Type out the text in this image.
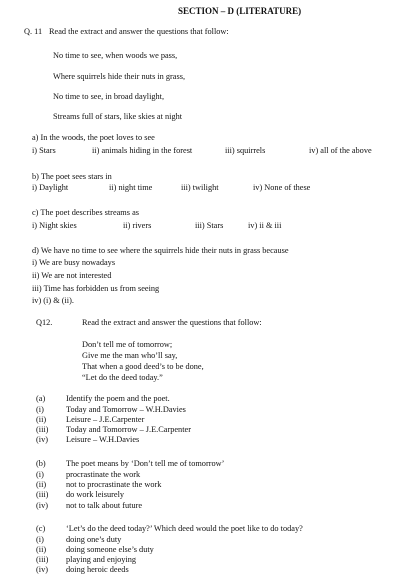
SECTION – D (LITERATURE)
Q. 11 Read the extract and answer the questions that follow:
No time to see, when woods we pass,
Where squirrels hide their nuts in grass,
No time to see, in broad daylight,
Streams full of stars, like skies at night
a) In the woods, the poet loves to see
i) Stars	ii) animals hiding in the forest	iii) squirrels	iv) all of the above
b) The poet sees stars in
i) Daylight	ii) night time	iii) twilight	iv) None of these
c) The poet describes streams as
i) Night skies	ii) rivers	iii) Stars	iv) ii & iii
d) We have no time to see where the squirrels hide their nuts in grass because
i) We are busy nowadays
ii) We are not interested
iii) Time has forbidden us from seeing
iv) (i) & (ii).
Q12.	Read the extract and answer the questions that follow:
Don’t tell me of tomorrow;
Give me the man who’ll say,
That when a good deed’s to be done,
“Let do the deed today.”
(a)	Identify the poem and the poet.
(i)	Today and Tomorrow – W.H.Davies
(ii) Leisure – J.E.Carpenter
(iii) Today and Tomorrow – J.E.Carpenter
(iv) Leisure – W.H.Davies
(b) The poet means by ‘Don’t tell me of tomorrow’
(i)	procrastinate the work
(ii) not to procrastinate the work
(iii) do work leisurely
(iv) not to talk about future
(c)	‘Let’s do the deed today?’ Which deed would the poet like to do today?
(i)	doing one’s duty
(ii) doing someone else’s duty
(iii) playing and enjoying
(iv) doing heroic deeds
